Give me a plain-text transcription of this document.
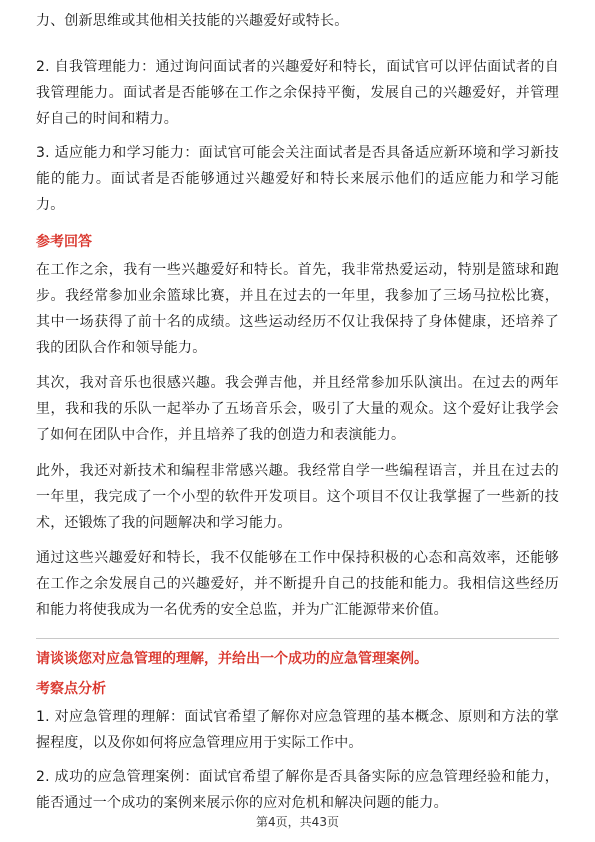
力、创新思维或其他相关技能的兴趣爱好或特长。

2. 自我管理能力：通过询问面试者的兴趣爱好和特长，面试官可以评估面试者的自我管理能力。面试者是否能够在工作之余保持平衡，发展自己的兴趣爱好，并管理好自己的时间和精力。

3. 适应能力和学习能力：面试官可能会关注面试者是否具备适应新环境和学习新技能的能力。面试者是否能够通过兴趣爱好和特长来展示他们的适应能力和学习能力。

参考回答

在工作之余，我有一些兴趣爱好和特长。首先，我非常热爱运动，特别是篮球和跑步。我经常参加业余篮球比赛，并且在过去的一年里，我参加了三场马拉松比赛，其中一场获得了前十名的成绩。这些运动经历不仅让我保持了身体健康，还培养了我的团队合作和领导能力。

其次，我对音乐也很感兴趣。我会弹吉他，并且经常参加乐队演出。在过去的两年里，我和我的乐队一起举办了五场音乐会，吸引了大量的观众。这个爱好让我学会了如何在团队中合作，并且培养了我的创造力和表演能力。

此外，我还对新技术和编程非常感兴趣。我经常自学一些编程语言，并且在过去的一年里，我完成了一个小型的软件开发项目。这个项目不仅让我掌握了一些新的技术，还锻炼了我的问题解决和学习能力。

通过这些兴趣爱好和特长，我不仅能够在工作中保持积极的心态和高效率，还能够在工作之余发展自己的兴趣爱好，并不断提升自己的技能和能力。我相信这些经历和能力将使我成为一名优秀的安全总监，并为广汇能源带来价值。

请谈谈您对应急管理的理解，并给出一个成功的应急管理案例。

考察点分析

1. 对应急管理的理解：面试官希望了解你对应急管理的基本概念、原则和方法的掌握程度，以及你如何将应急管理应用于实际工作中。

2. 成功的应急管理案例：面试官希望了解你是否具备实际的应急管理经验和能力，能否通过一个成功的案例来展示你的应对危机和解决问题的能力。

第4页，共43页
